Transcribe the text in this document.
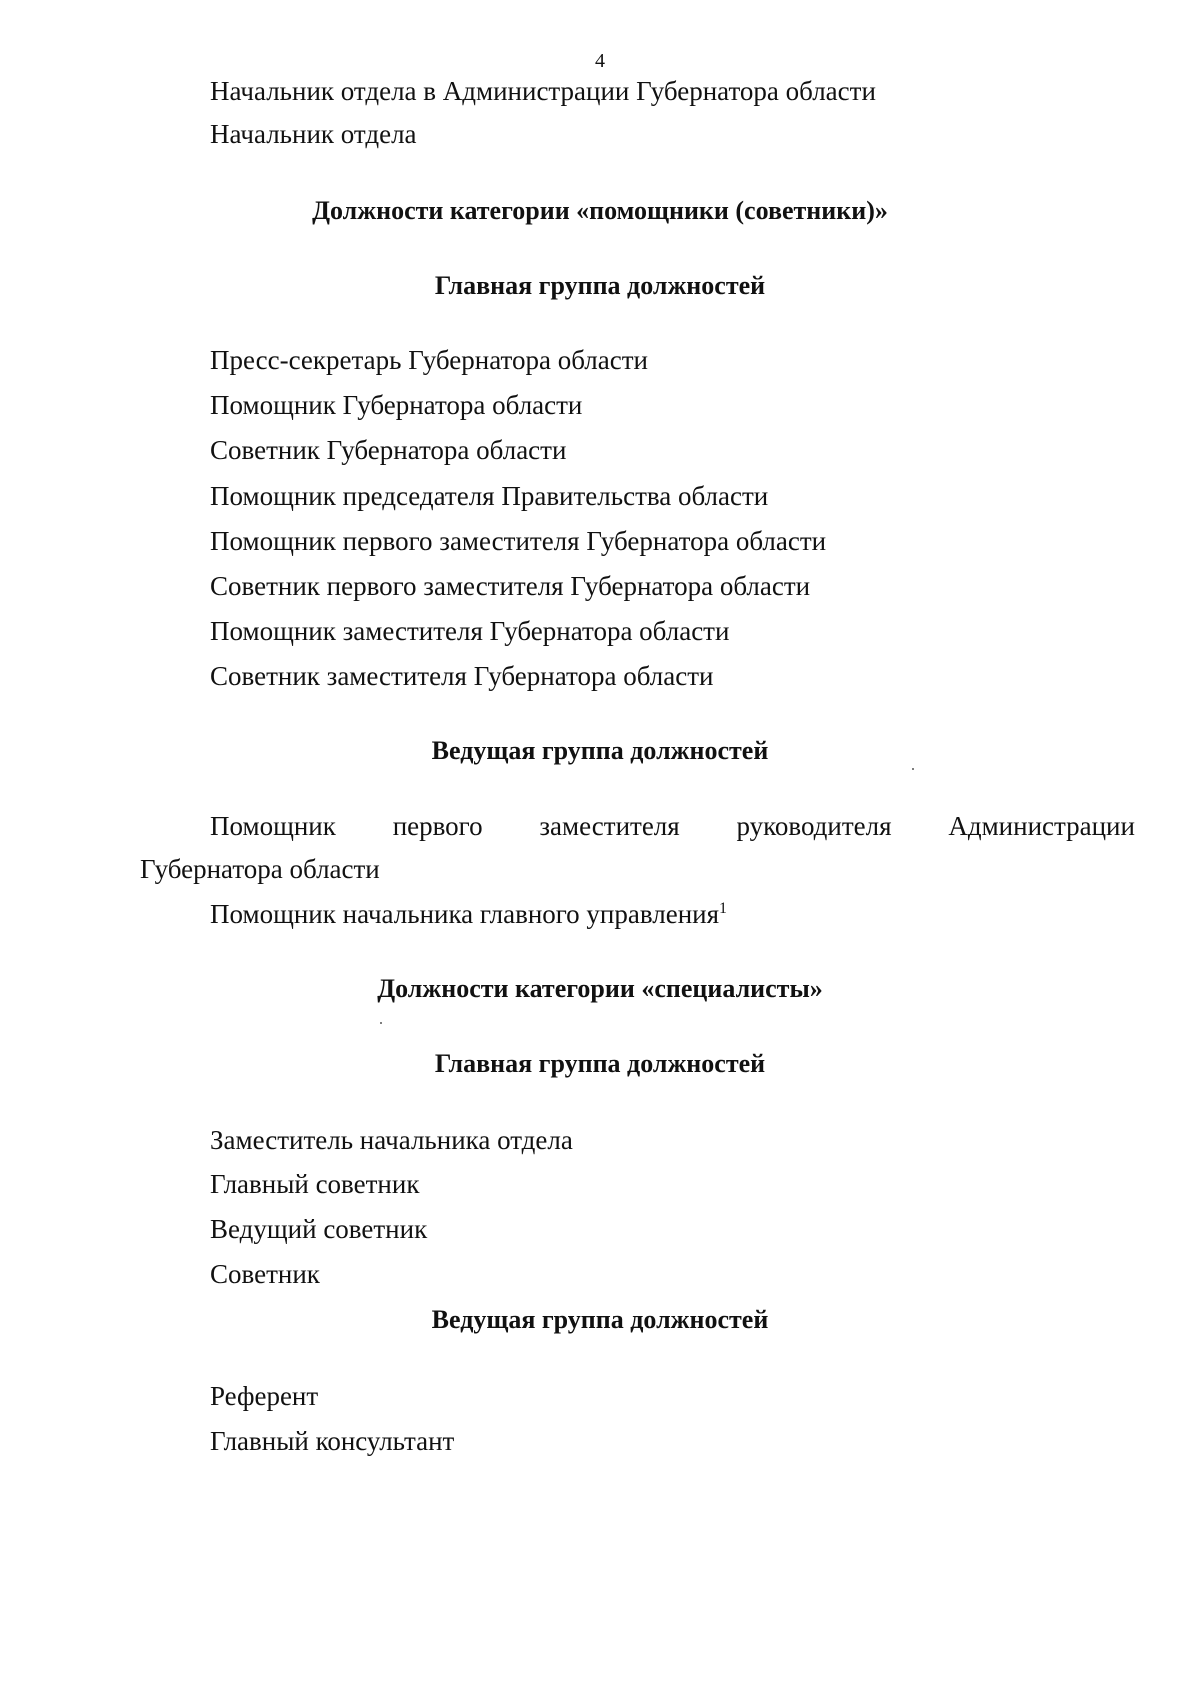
4
Начальник отдела в Администрации Губернатора области
Начальник отдела
Должности категории «помощники (советники)»
Главная группа должностей
Пресс-секретарь Губернатора области
Помощник Губернатора области
Советник Губернатора области
Помощник председателя Правительства области
Помощник первого заместителя Губернатора области
Советник первого заместителя Губернатора области
Помощник заместителя Губернатора области
Советник заместителя Губернатора области
Ведущая группа должностей
Помощник первого заместителя руководителя Администрации
Губернатора области
Помощник начальника главного управления$^1$
Должности категории «специалисты»
Главная группа должностей
Заместитель начальника отдела
Главный советник
Ведущий советник
Советник
Ведущая группа должностей
Референт
Главный консультант
